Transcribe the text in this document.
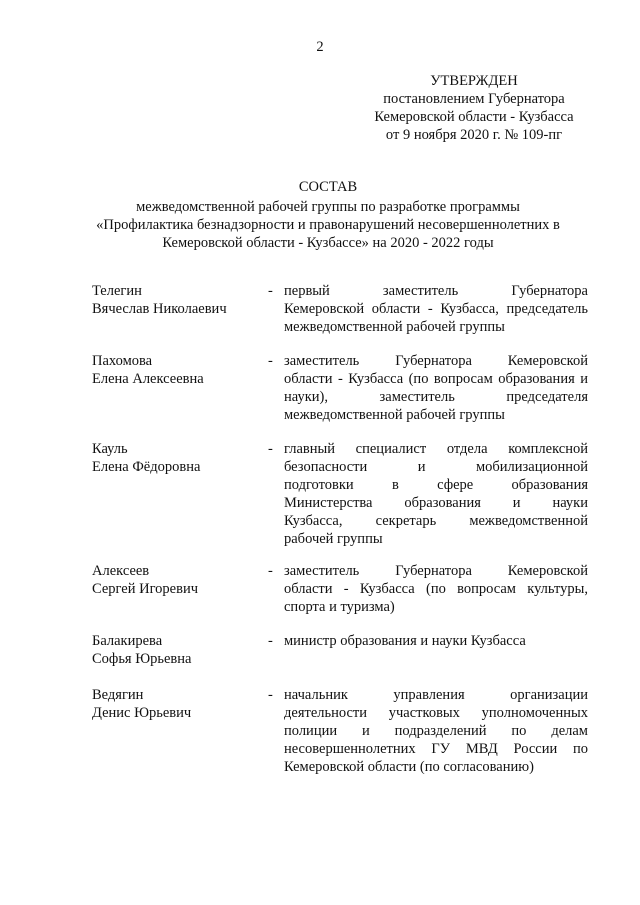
2
УТВЕРЖДЕН
постановлением Губернатора
Кемеровской области - Кузбасса
от 9 ноября 2020 г. № 109-пг
СОСТАВ
межведомственной рабочей группы по разработке программы
«Профилактика безнадзорности и правонарушений несовершеннолетних в
Кемеровской области - Кузбассе» на 2020 - 2022 годы
Телегин
Вячеслав Николаевич
- первый заместитель Губернатора
Кемеровской области - Кузбасса, председатель
межведомственной рабочей группы
Пахомова
Елена Алексеевна
- заместитель Губернатора Кемеровской
области - Кузбасса (по вопросам образования и
науки), заместитель председателя
межведомственной рабочей группы
Кауль
Елена Фёдоровна
- главный специалист отдела комплексной
безопасности и мобилизационной
подготовки в сфере образования
Министерства образования и науки
Кузбасса, секретарь межведомственной
рабочей группы
Алексеев
Сергей Игоревич
- заместитель Губернатора Кемеровской
области - Кузбасса (по вопросам культуры,
спорта и туризма)
Балакирева
Софья Юрьевна
- министр образования и науки Кузбасса
Ведягин
Денис Юрьевич
- начальник управления организации
деятельности участковых уполномоченных
полиции и подразделений по делам
несовершеннолетних ГУ МВД России по
Кемеровской области (по согласованию)
